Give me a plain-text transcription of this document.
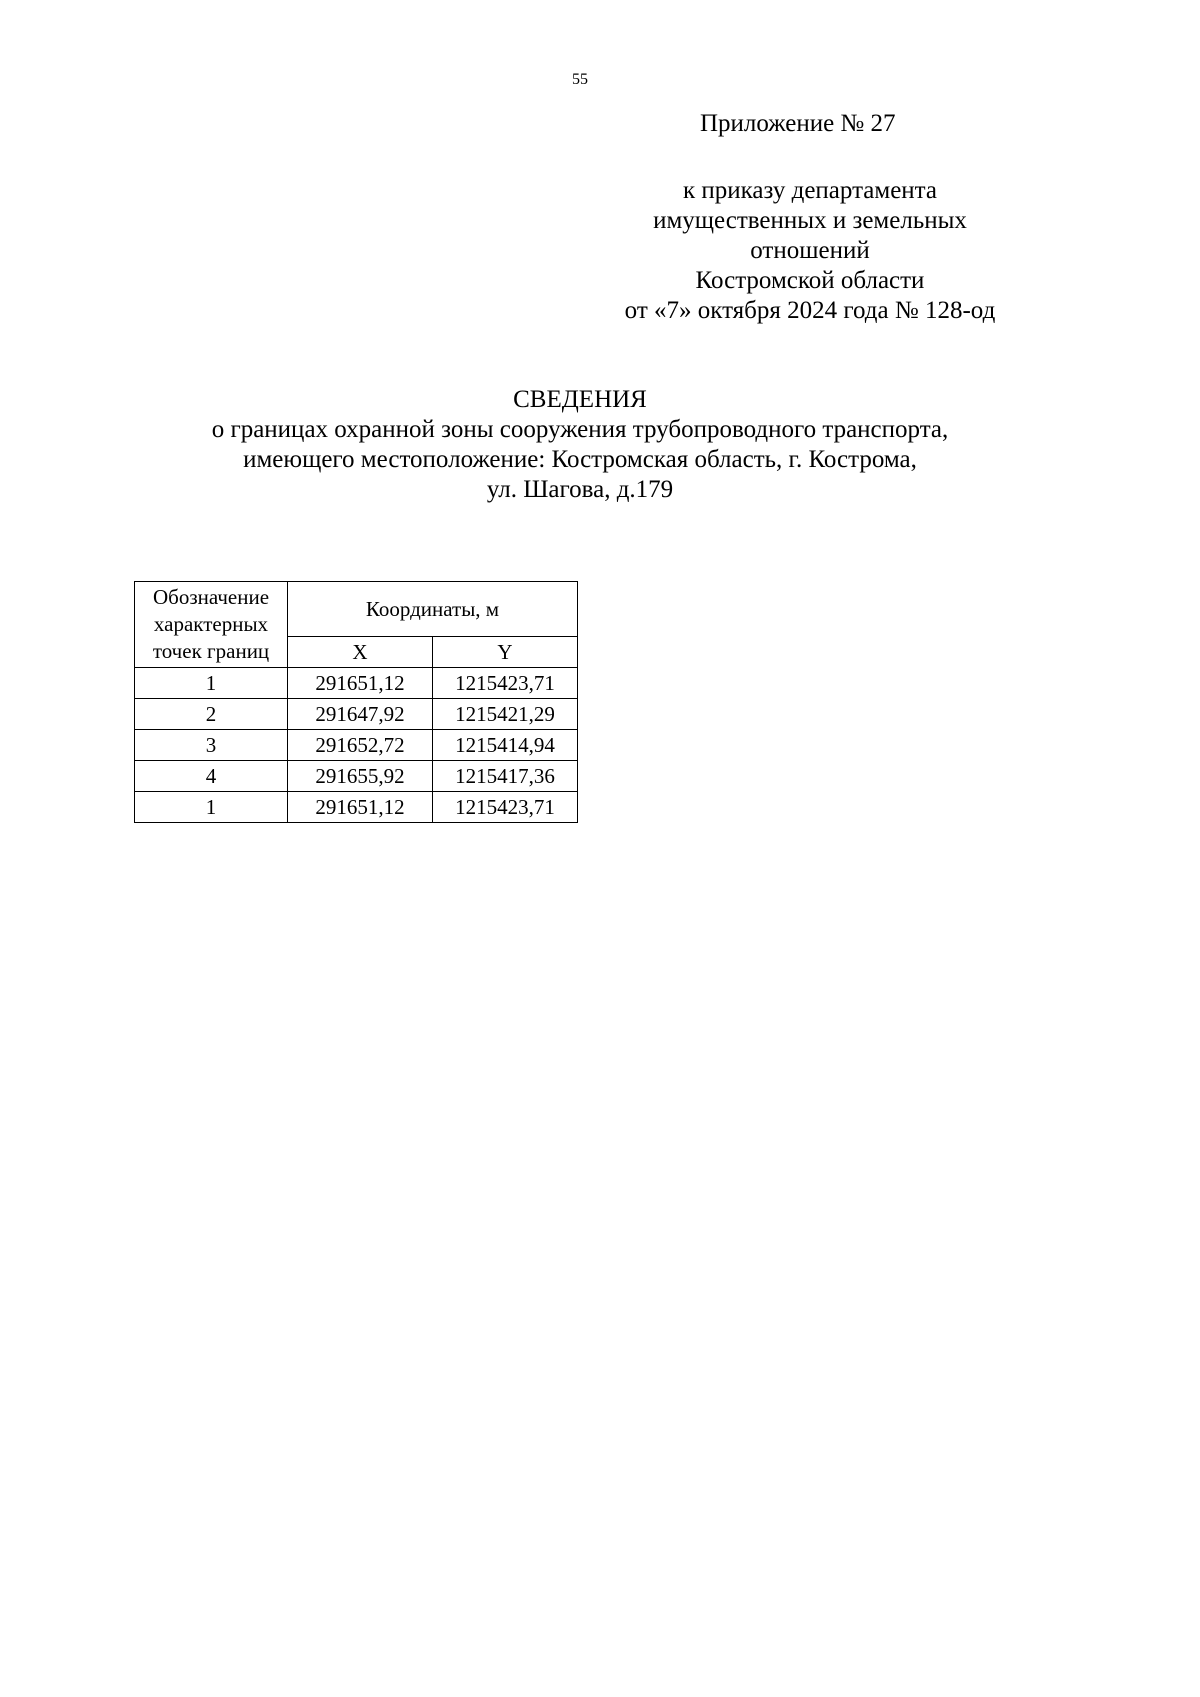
55
Приложение № 27
к приказу департамента
имущественных и земельных
отношений
Костромской области
от «7» октября 2024 года № 128-од
СВЕДЕНИЯ
о границах охранной зоны сооружения трубопроводного транспорта,
имеющего местоположение: Костромская область, г. Кострома,
ул. Шагова, д.179
Обозначение
характерных
точек границ	Координаты, м	
	X	Y
1	291651,12	1215423,71
2	291647,92	1215421,29
3	291652,72	1215414,94
4	291655,92	1215417,36
1	291651,12	1215423,71
